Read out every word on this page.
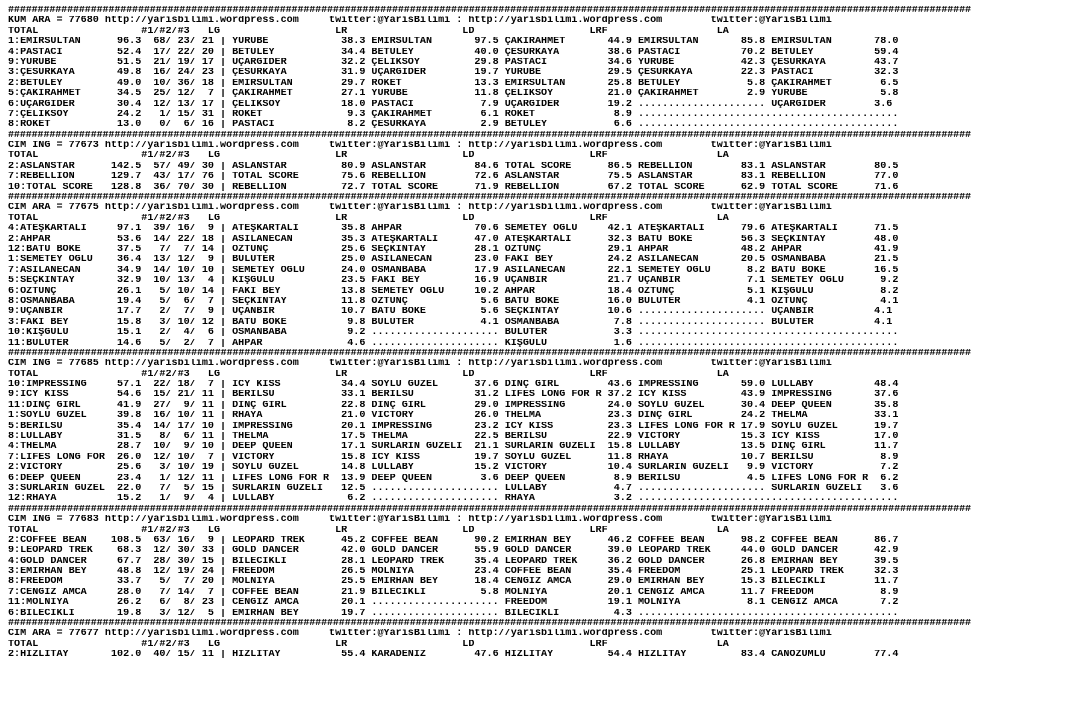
###################################################################################################################################################################
KUM ARA = 77680 http://yarisbilimi.wordpress.com     twitter:@YarisBilimi : http://yarisbilimi.wordpress.com        twitter:@YarisBilimi
TOTAL                 #1/#2/#3   LG                   LR                   LD                   LRF                  LA
1:EMİRSULTAN      96.3  68/ 23/ 21 | YÜRÜBE            38.3 EMİRSULTAN       97.5 ÇAKIRAHMET       44.9 EMİRSULTAN       85.8 EMİRSULTAN       78.0
4:PASTACI         52.4  17/ 22/ 20 | BETÜLEY           34.4 BETÜLEY          40.0 ÇESURKAYA        38.6 PASTACI          70.2 BETÜLEY          59.4
9:YÜRÜBE          51.5  21/ 19/ 17 | UÇARGİDER         32.2 ÇELİKSOY         29.8 PASTACI          34.6 YÜRÜBE           42.3 ÇESURKAYA        43.7
3:ÇESURKAYA       49.8  16/ 24/ 23 | ÇESURKAYA         31.9 UÇARGİDER        19.7 YÜRÜBE           29.5 ÇESURKAYA        22.3 PASTACI          32.3
2:BETÜLEY         49.0  10/ 36/ 18 | EMİRSULTAN        29.7 RÖKET            13.3 EMİRSULTAN       25.8 BETÜLEY           5.8 ÇAKIRAHMET        6.5
5:ÇAKIRAHMET      34.5  25/ 12/  7 | ÇAKIRAHMET        27.1 YÜRÜBE           11.8 ÇELİKSOY         21.0 ÇAKIRAHMET        2.9 YÜRÜBE            5.8
6:UÇARGİDER       30.4  12/ 13/ 17 | ÇELİKSOY          18.0 PASTACI           7.9 UÇARGİDER        19.2 ..................... UÇARGİDER        3.6
7:ÇELİKSOY        24.2   1/ 15/ 31 | RÖKET              9.3 ÇAKIRAHMET        6.1 RÖKET             8.9 ...........................................
8:RÖKET           13.0   0/  6/ 16 | PASTACI            8.2 ÇESURKAYA         2.9 BETÜLEY           6.6 ...........................................
###################################################################################################################################################################
CIM ING = 77673 http://yarisbilimi.wordpress.com     twitter:@YarisBilimi : http://yarisbilimi.wordpress.com        twitter:@YarisBilimi
TOTAL                 #1/#2/#3   LG                   LR                   LD                   LRF                  LA
2:ASLANSTAR      142.5  57/ 49/ 30 | ASLANSTAR         80.9 ASLANSTAR        84.6 TOTAL SCORE      86.5 REBELLION        83.1 ASLANSTAR        80.5
7:REBELLION      129.7  43/ 17/ 76 | TOTAL SCORE       75.6 REBELLION        72.6 ASLANSTAR        75.5 ASLANSTAR        83.1 REBELLION        77.0
10:TOTAL SCORE   128.8  36/ 70/ 30 | REBELLION         72.7 TOTAL SCORE      71.9 REBELLION        67.2 TOTAL SCORE      62.9 TOTAL SCORE      71.6
###################################################################################################################################################################
CIM ARA = 77675 http://yarisbilimi.wordpress.com     twitter:@YarisBilimi : http://yarisbilimi.wordpress.com        twitter:@YarisBilimi
TOTAL                 #1/#2/#3   LG                   LR                   LD                   LRF                  LA
4:ATEŞKARTALI     97.1  39/ 16/  9 | ATEŞKARTALI       35.8 AHPAR            70.6 SEMETEY OĞLU     42.1 ATEŞKARTALI      79.6 ATEŞKARTALI      71.5
2:AHPAR           53.6  14/ 22/ 18 | ASİLANECAN        35.3 ATEŞKARTALI      47.0 ATEŞKARTALI      32.3 BATU BÖKE        56.3 SEÇKİNTAY        48.0
12:BATU BÖKE      37.5   7/  7/ 14 | ÖZTUNÇ            25.6 SEÇKİNTAY        28.1 ÖZTUNÇ           29.1 AHPAR            48.2 AHPAR            41.9
1:SEMETEY OĞLU    36.4  13/ 12/  9 | BULUTER           25.0 ASİLANECAN       23.0 FAKİ BEY         24.2 ASİLANECAN       20.5 OSMANBABA        21.5
7:ASİLANECAN      34.9  14/ 10/ 10 | SEMETEY OĞLU      24.0 OSMANBABA        17.9 ASİLANECAN       22.1 SEMETEY OĞLU      8.2 BATU BÖKE        16.5
5:SEÇKİNTAY       32.9  10/ 13/  4 | KIŞGÜLÜ           23.5 FAKİ BEY         16.9 UÇANBİR          21.7 UÇANBİR           7.1 SEMETEY OĞLU      9.2
6:ÖZTUNÇ          26.1   5/ 10/ 14 | FAKİ BEY          13.8 SEMETEY OĞLU     10.2 AHPAR            18.4 ÖZTUNÇ            5.1 KIŞGÜLÜ           8.2
8:OSMANBABA       19.4   5/  6/  7 | SEÇKİNTAY         11.8 ÖZTUNÇ            5.6 BATU BÖKE        16.0 BULUTER           4.1 ÖZTUNÇ            4.1
9:UÇANBİR         17.7   2/  7/  9 | UÇANBİR           10.7 BATU BÖKE         5.6 SEÇKİNTAY        10.6 ..................... UÇANBİR          4.1
3:FAKİ BEY        15.8   3/ 10/ 12 | BATU BÖKE          9.8 BULUTER           4.1 OSMANBABA         7.8 ..................... BULUTER          4.1
10:KIŞGÜLÜ        15.1   2/  4/  6 | OSMANBABA          9.2 ..................... BULUTER           3.3 ...........................................
11:BULUTER        14.6   5/  2/  7 | AHPAR              4.6 ..................... KIŞGÜLÜ           1.6 ...........................................
###################################################################################################################################################################
CIM ING = 77685 http://yarisbilimi.wordpress.com     twitter:@YarisBilimi : http://yarisbilimi.wordpress.com        twitter:@YarisBilimi
TOTAL                 #1/#2/#3   LG                   LR                   LD                   LRF                  LA
10:IMPRESSING     57.1  22/ 18/  7 | ICY KISS          34.4 SOYLU GÜZEL      37.6 DİNÇ GIRL        43.6 IMPRESSING       59.0 LULLABY          48.4
9:ICY KISS        54.6  15/ 21/ 11 | BERİLSU           33.1 BERİLSU          31.2 LIFES LONG FOR R 37.2 ICY KISS         43.9 IMPRESSING       37.6
11:DİNÇ GIRL      41.9  27/  9/ 11 | DİNÇ GIRL         22.8 DİNÇ GIRL        29.0 IMPRESSING       24.0 SOYLU GÜZEL      30.4 DEEP QUEEN       35.8
1:SOYLU GÜZEL     39.8  16/ 10/ 11 | RHAYA             21.0 VICTORY          26.0 THELMA           23.3 DİNÇ GIRL        24.2 THELMA           33.1
5:BERİLSU         35.4  14/ 17/ 10 | IMPRESSING        20.1 IMPRESSING       23.2 ICY KISS         23.3 LIFES LONG FOR R 17.9 SOYLU GÜZEL      19.7
8:LULLABY         31.5   8/  6/ 11 | THELMA            17.5 THELMA           22.5 BERİLSU          22.9 VICTORY          15.3 ICY KISS         17.0
4:THELMA          28.7  10/  9/ 10 | DEEP QUEEN        17.1 SURLARIN GÜZELİ  21.1 SURLARIN GÜZELİ  15.8 LULLABY          13.5 DİNÇ GIRL        11.7
7:LIFES LONG FOR  26.0  12/ 10/  7 | VICTORY           15.8 ICY KISS         19.7 SOYLU GÜZEL      11.8 RHAYA            10.7 BERİLSU           8.9
2:VICTORY         25.6   3/ 10/ 19 | SOYLU GÜZEL       14.8 LULLABY          15.2 VICTORY          10.4 SURLARIN GÜZELİ   9.9 VICTORY           7.2
6:DEEP QUEEN      23.4   1/ 12/ 11 | LIFES LONG FOR R  13.9 DEEP QUEEN        3.6 DEEP QUEEN        8.9 BERİLSU           4.5 LIFES LONG FOR R  6.2
3:SURLARIN GÜZEL  22.0   7/  5/ 15 | SURLARIN GÜZELİ   12.5 ..................... LULLABY           4.7 ..................... SURLARIN GÜZELİ   3.6
12:RHAYA          15.2   1/  9/  4 | LULLABY            6.2 ..................... RHAYA             3.2 ...........................................
###################################################################################################################################################################
CIM ING = 77683 http://yarisbilimi.wordpress.com     twitter:@YarisBilimi : http://yarisbilimi.wordpress.com        twitter:@YarisBilimi
TOTAL                 #1/#2/#3   LG                   LR                   LD                   LRF                  LA
2:COFFEE BEAN    108.5  63/ 16/  9 | LEOPARD TREK      45.2 COFFEE BEAN      90.2 EMİRHAN BEY      46.2 COFFEE BEAN      98.2 COFFEE BEAN      86.7
9:LEOPARD TREK    68.3  12/ 30/ 33 | GOLD DANCER       42.0 GOLD DANCER      55.9 GOLD DANCER      39.0 LEOPARD TREK     44.0 GOLD DANCER      42.9
4:GOLD DANCER     67.7  28/ 30/ 15 | BİLECİKLİ         28.1 LEOPARD TREK     35.4 LEOPARD TREK     36.2 GOLD DANCER      26.8 EMİRHAN BEY      39.5
3:EMİRHAN BEY     48.8  12/ 19/ 24 | FREEDOM           26.5 MOLNIYA          23.4 COFFEE BEAN      35.4 FREEDOM          25.1 LEOPARD TREK     32.3
8:FREEDOM         33.7   5/  7/ 20 | MOLNIYA           25.5 EMİRHAN BEY      18.4 CENGİZ AMCA      29.0 EMİRHAN BEY      15.3 BİLECİKLİ        11.7
7:CENGİZ AMCA     28.0   7/ 14/  7 | COFFEE BEAN       21.9 BİLECİKLİ         5.8 MOLNIYA          20.1 CENGİZ AMCA      11.7 FREEDOM           8.9
11:MOLNIYA        26.2   6/  8/ 23 | CENGİZ AMCA       20.1 ..................... FREEDOM          19.1 MOLNIYA           8.1 CENGİZ AMCA       7.2
6:BİLECİKLİ       19.8   3/ 12/  5 | EMİRHAN BEY       19.7 ..................... BİLECİKLİ         4.3 ...........................................
###################################################################################################################################################################
CIM ARA = 77677 http://yarisbilimi.wordpress.com     twitter:@YarisBilimi : http://yarisbilimi.wordpress.com        twitter:@YarisBilimi
TOTAL                 #1/#2/#3   LG                   LR                   LD                   LRF                  LA
2:HIZLITAY       102.0  40/ 15/ 11 | HIZLITAY          55.4 KARADENİZ        47.6 HIZLITAY         54.4 HIZLITAY         83.4 CANÖZÜMLÜ        77.4
